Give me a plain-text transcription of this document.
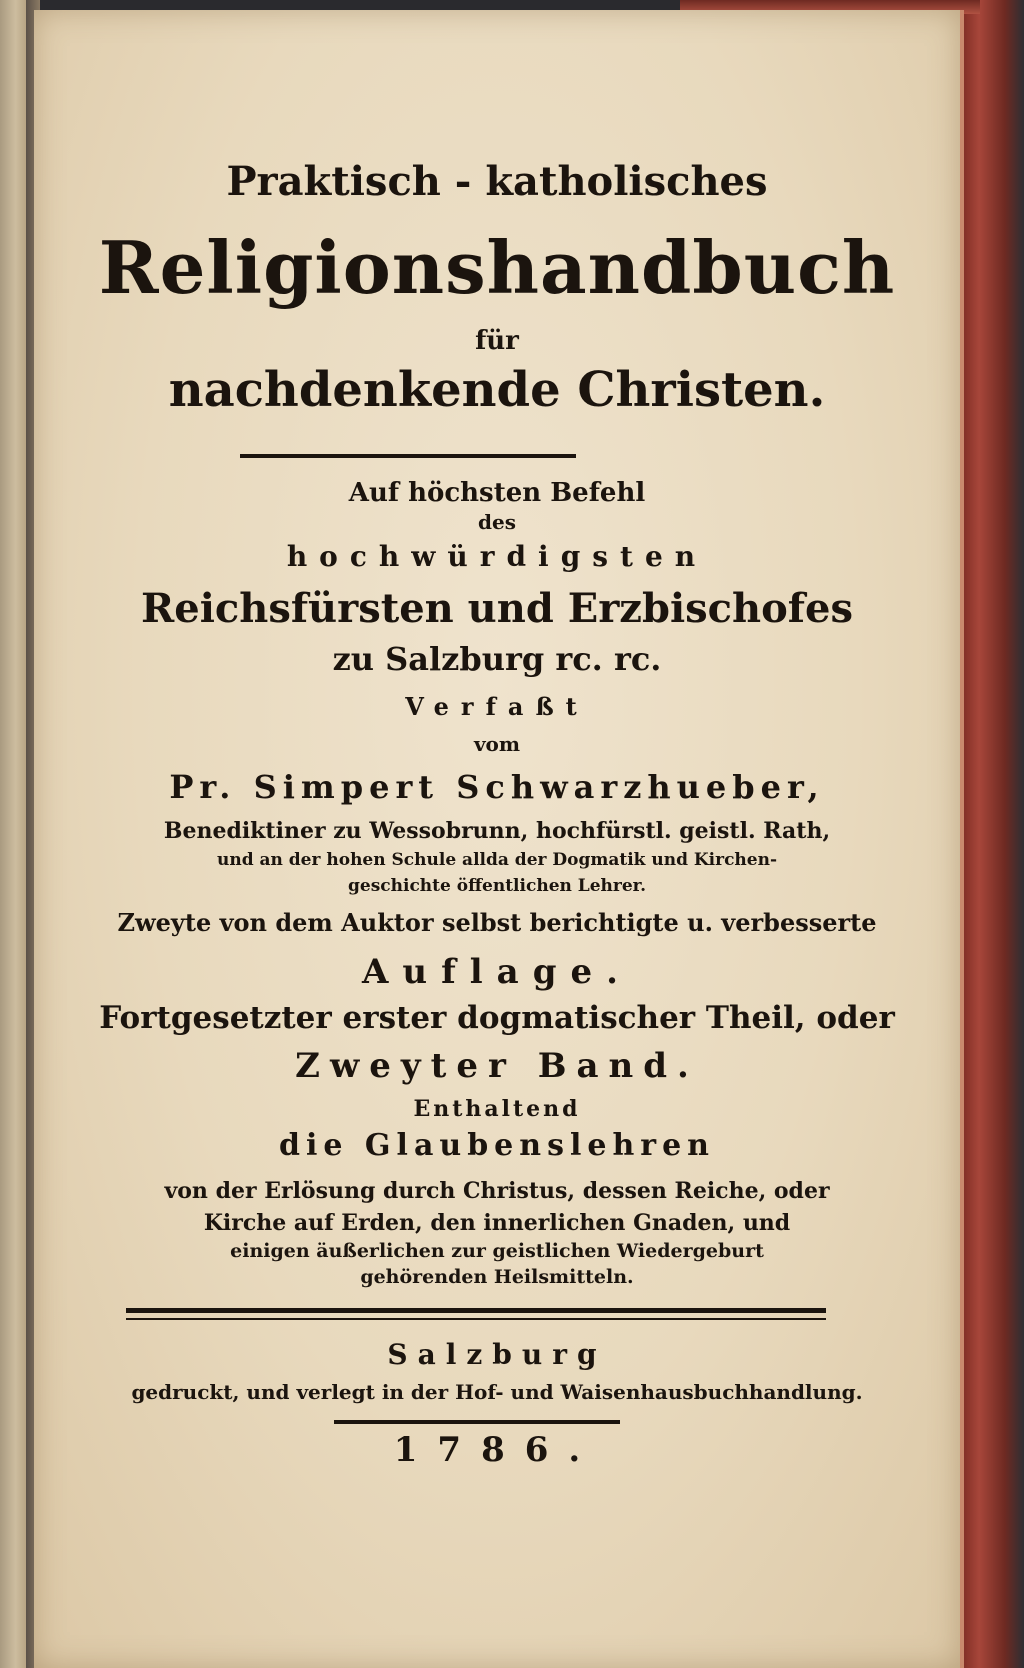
Praktisch - katholisches
Religionshandbuch
für
nachdenkende Christen.
Auf höchsten Befehl
des
hochwürdigsten
Reichsfürsten und Erzbischofes
zu Salzburg rc. rc.
Verfaßt
vom
Pr. Simpert Schwarzhueber,
Benediktiner zu Wessobrunn, hochfürstl. geistl. Rath,
und an der hohen Schule allda der Dogmatik und Kirchen-
geschichte öffentlichen Lehrer.
Zweyte von dem Auktor selbst berichtigte u. verbesserte
Auflage.
Fortgesetzter erster dogmatischer Theil, oder
Zweyter Band.
Enthaltend
die Glaubenslehren
von der Erlösung durch Christus, dessen Reiche, oder
Kirche auf Erden, den innerlichen Gnaden, und
einigen äußerlichen zur geistlichen Wiedergeburt
gehörenden Heilsmitteln.
Salzburg
gedruckt, und verlegt in der Hof- und Waisenhausbuchhandlung.
1786.
